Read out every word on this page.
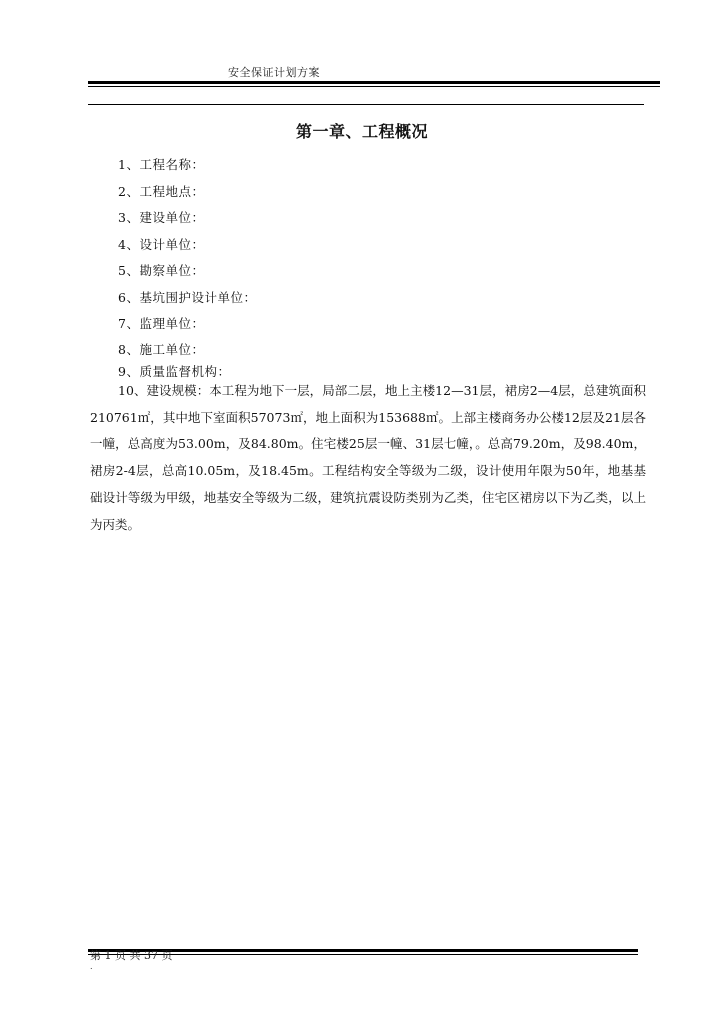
安全保证计划方案
第一章、工程概况
1、工程名称：
2、工程地点：
3、建设单位：
4、设计单位：
5、勘察单位：
6、基坑围护设计单位：
7、监理单位：
8、施工单位：
9、质量监督机构：
10、建设规模：本工程为地下一层，局部二层，地上主楼12—31层，裙房2—4层，总建筑面积210761㎡，其中地下室面积57073㎡，地上面积为153688㎡。上部主楼商务办公楼12层及21层各一幢，总高度为53.00m，及84.80m。住宅楼25层一幢、31层七幢，。总高79.20m，及98.40m，裙房2-4层，总高10.05m，及18.45m。工程结构安全等级为二级，设计使用年限为50年，地基基础设计等级为甲级，地基安全等级为二级，建筑抗震设防类别为乙类，住宅区裙房以下为乙类，以上为丙类。
第 1 页 共 37 页
.
